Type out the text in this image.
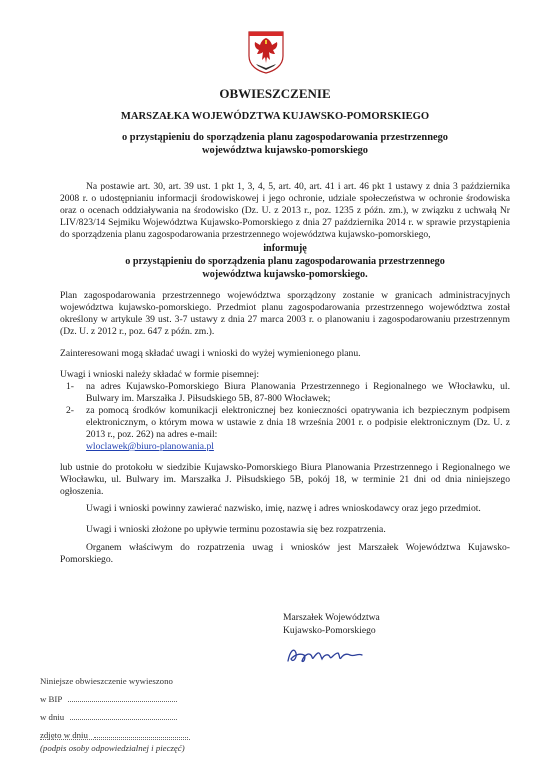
OBWIESZCZENIE
MARSZAŁKA WOJEWÓDZTWA KUJAWSKO-POMORSKIEGO
o przystąpieniu do sporządzenia planu zagospodarowania przestrzennego
województwa kujawsko-pomorskiego

Na postawie art. 30, art. 39 ust. 1 pkt 1, 3, 4, 5, art. 40, art. 41 i art. 46 pkt 1 ustawy z dnia 3 października 2008 r. o udostępnianiu informacji środowiskowej i jego ochronie, udziale społeczeństwa w ochronie środowiska oraz o ocenach oddziaływania na środowisko (Dz. U. z 2013 r., poz. 1235 z późn. zm.), w związku z uchwałą Nr LIV/823/14 Sejmiku Województwa Kujawsko-Pomorskiego z dnia 27 października 2014 r. w sprawie przystąpienia do sporządzenia planu zagospodarowania przestrzennego województwa kujawsko-pomorskiego,

informuję
o przystąpieniu do sporządzenia planu zagospodarowania przestrzennego
województwa kujawsko-pomorskiego.

Plan zagospodarowania przestrzennego województwa sporządzony zostanie w granicach administracyjnych województwa kujawsko-pomorskiego. Przedmiot planu zagospodarowania przestrzennego województwa został określony w artykule 39 ust. 3-7 ustawy z dnia 27 marca 2003 r. o planowaniu i zagospodarowaniu przestrzennym (Dz. U. z 2012 r., poz. 647 z późn. zm.).

Zainteresowani mogą składać uwagi i wnioski do wyżej wymienionego planu.

Uwagi i wnioski należy składać w formie pisemnej:

1- na adres Kujawsko-Pomorskiego Biura Planowania Przestrzennego i Regionalnego we Włocławku, ul. Bulwary im. Marszałka J. Piłsudskiego 5B, 87-800 Włocławek;
2- za pomocą środków komunikacji elektronicznej bez konieczności opatrywania ich bezpiecznym podpisem elektronicznym, o którym mowa w ustawie z dnia 18 września 2001 r. o podpisie elektronicznym (Dz. U. z 2013 r., poz. 262) na adres e-mail:
wloclawek@biuro-planowania.pl

lub ustnie do protokołu w siedzibie Kujawsko-Pomorskiego Biura Planowania Przestrzennego i Regionalnego we Włocławku, ul. Bulwary im. Marszałka J. Piłsudskiego 5B, pokój 18, w terminie 21 dni od dnia niniejszego ogłoszenia.

Uwagi i wnioski powinny zawierać nazwisko, imię, nazwę i adres wnioskodawcy oraz jego przedmiot.

Uwagi i wnioski złożone po upływie terminu pozostawia się bez rozpatrzenia.

Organem właściwym do rozpatrzenia uwag i wniosków jest Marszałek Województwa Kujawsko-Pomorskiego.

Marszałek Województwa
Kujawsko-Pomorskiego
Niniejsze obwieszczenie wywieszono
w BIP
w dniu
zdjęto w dniu
(podpis osoby odpowiedzialnej i pieczęć)
